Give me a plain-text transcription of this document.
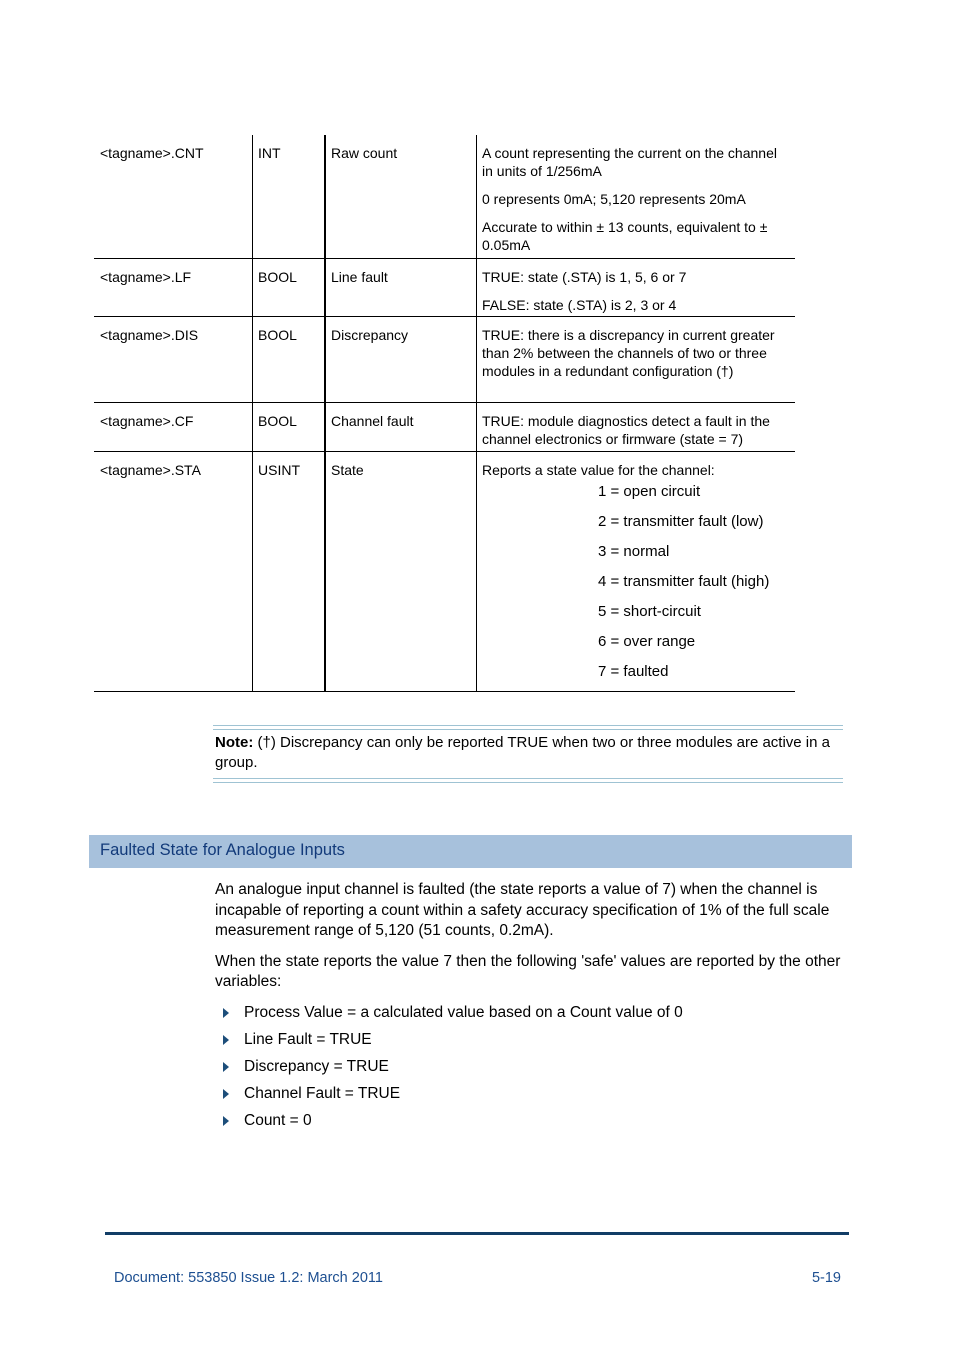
<tagname>.CNT	INT	Raw count	A count representing the current on the channel in units of 1/256mA

0 represents 0mA; 5,120 represents 20mA

Accurate to within ± 13 counts, equivalent to ± 0.05mA

<tagname>.LF	BOOL Line fault	TRUE: state (.STA) is 1, 5, 6 or 7

FALSE: state (.STA) is 2, 3 or 4

<tagname>.DIS	BOOL Discrepancy	TRUE: there is a discrepancy in current greater than 2% between the channels of two or three modules in a redundant configuration (†)

<tagname>.CF	BOOL Channel fault	TRUE: module diagnostics detect a fault in the channel electronics or firmware (state = 7)

<tagname>.STA	USINT State	Reports a state value for the channel:

1 = open circuit
2 = transmitter fault (low)
3 = normal
4 = transmitter fault (high)
5 = short-circuit
6 = over range
7 = faulted
Note: (†) Discrepancy can only be reported TRUE when two or three modules are active in a group.
Faulted State for Analogue Inputs

An analogue input channel is faulted (the state reports a value of 7) when the channel is incapable of reporting a count within a safety accuracy specification of 1% of the full scale measurement range of 5,120 (51 counts, 0.2mA).

When the state reports the value 7 then the following 'safe' values are reported by the other variables:

Process Value = a calculated value based on a Count value of 0
Line Fault = TRUE
Discrepancy = TRUE
Channel Fault = TRUE
Count = 0
Document: 553850 Issue 1.2: March 2011	5-19
